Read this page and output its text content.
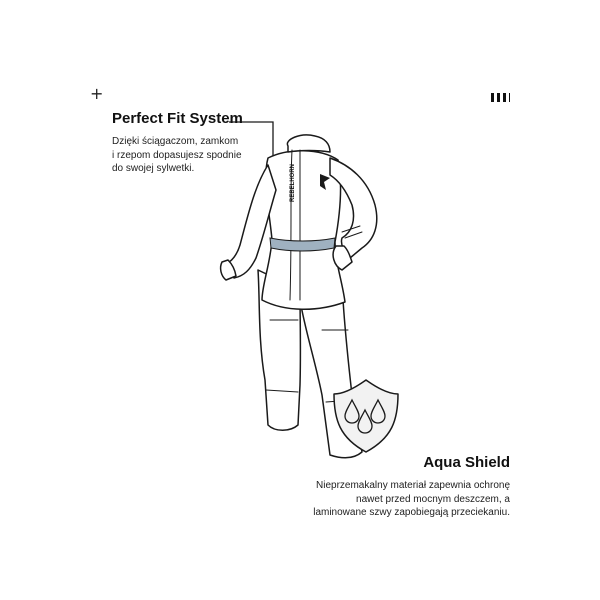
+
REBELHORN
Perfect Fit System
Dzięki ściągaczom, zamkom
i rzepom dopasujesz spodnie
do swojej sylwetki.
Aqua Shield
Nieprzemakalny materiał zapewnia ochronę
nawet przed mocnym deszczem, a
laminowane szwy zapobiegają przeciekaniu.
